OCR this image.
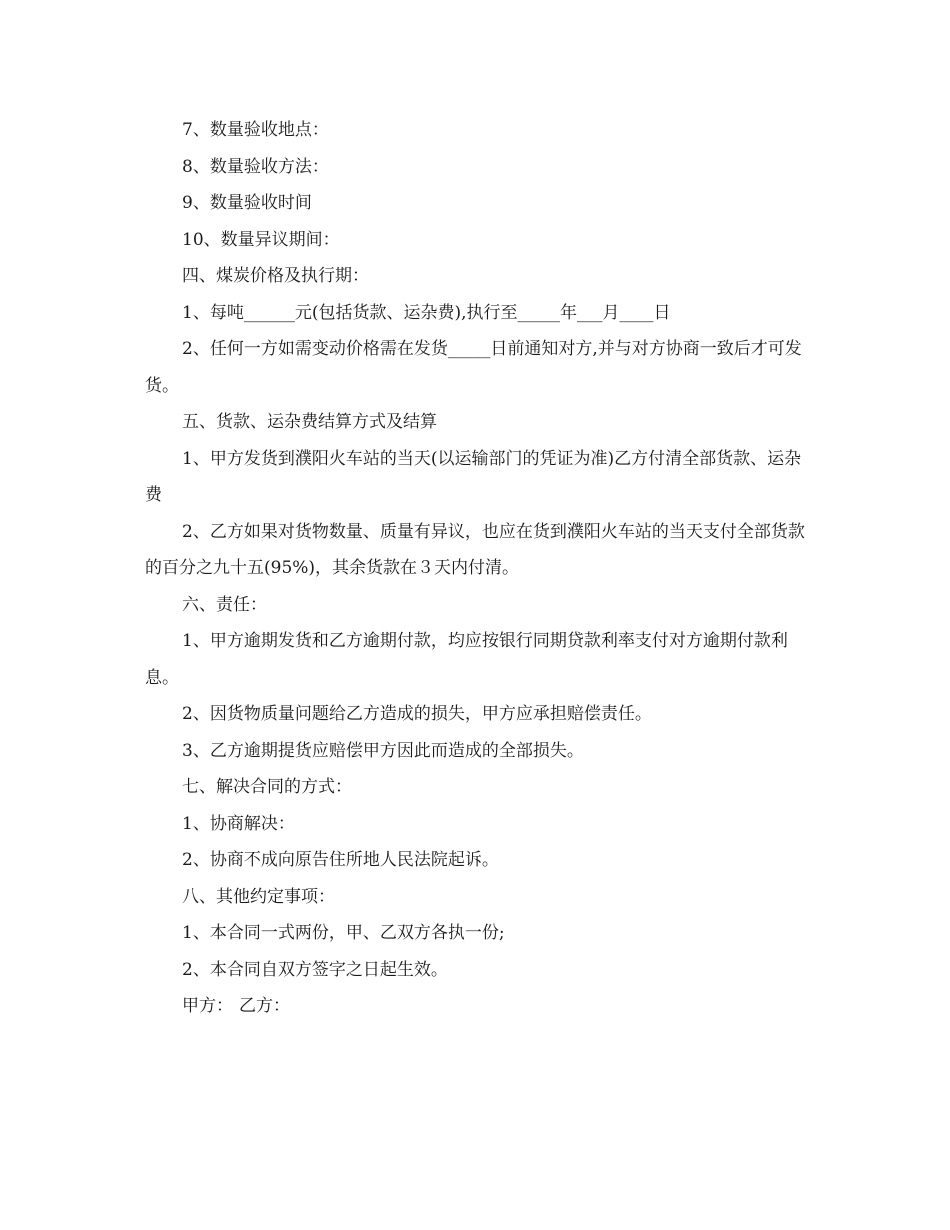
7、数量验收地点：

8、数量验收方法：

9、数量验收时间

10、数量异议期间：

四、煤炭价格及执行期：

1、每吨______元(包括货款、运杂费),执行至_____年___月____日

2、任何一方如需变动价格需在发货_____日前通知对方,并与对方协商一致后才可发货。

五、货款、运杂费结算方式及结算

1、甲方发货到濮阳火车站的当天(以运输部门的凭证为准)乙方付清全部货款、运杂费

2、乙方如果对货物数量、质量有异议，也应在货到濮阳火车站的当天支付全部货款的百分之九十五(95%)，其余货款在３天内付清。

六、责任：

1、甲方逾期发货和乙方逾期付款，均应按银行同期贷款利率支付对方逾期付款利息。

2、因货物质量问题给乙方造成的损失，甲方应承担赔偿责任。

3、乙方逾期提货应赔偿甲方因此而造成的全部损失。

七、解决合同的方式：

1、协商解决：

2、协商不成向原告住所地人民法院起诉。

八、其他约定事项：

1、本合同一式两份，甲、乙双方各执一份;

2、本合同自双方签字之日起生效。

甲方： 乙方：
